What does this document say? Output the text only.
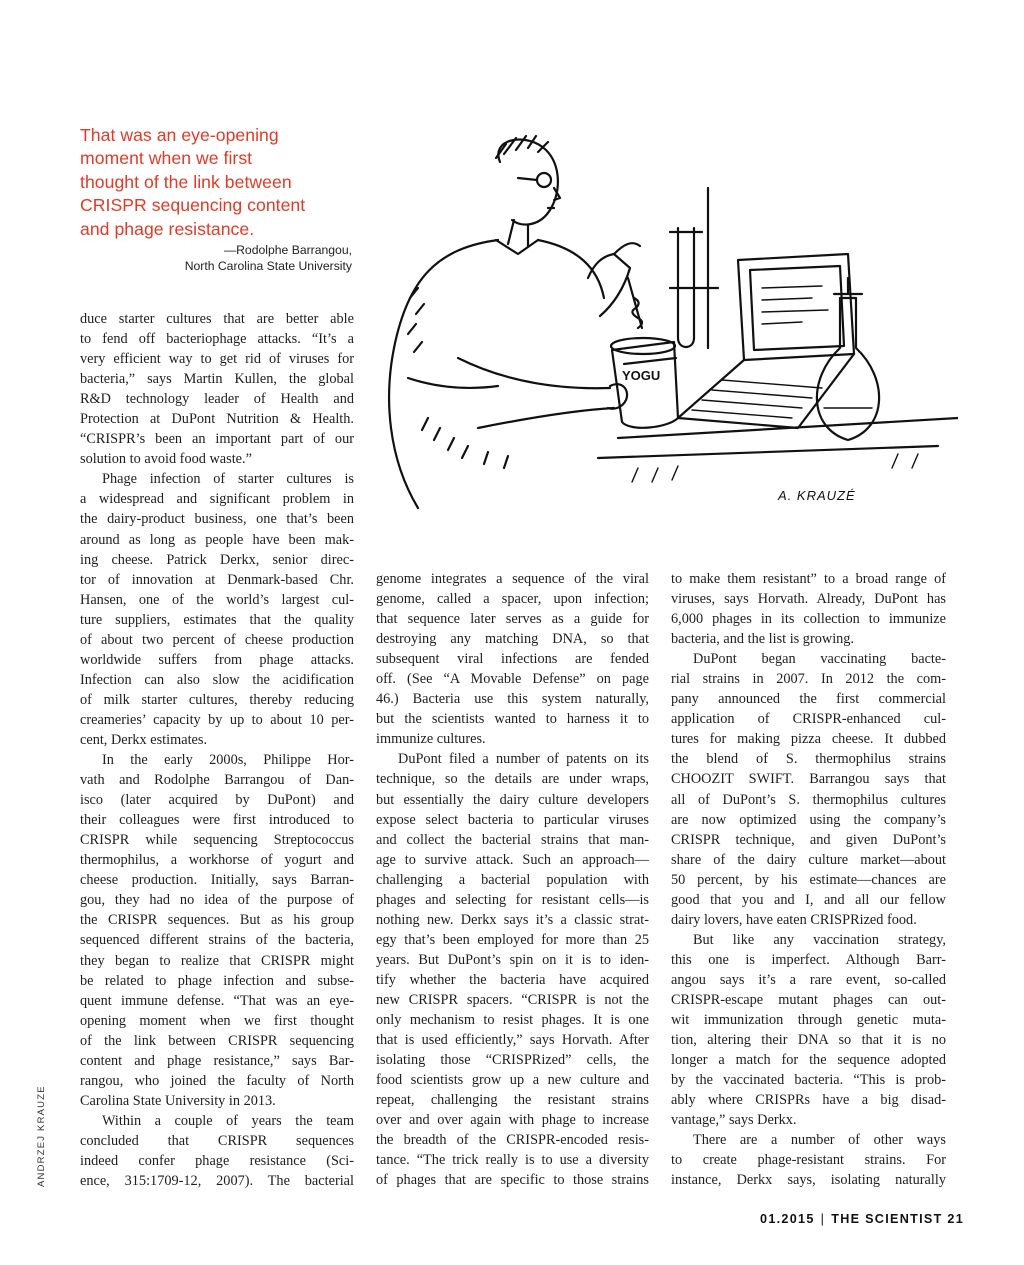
That was an eye-opening
moment when we first
thought of the link between
CRISPR sequencing content
and phage resistance.
—Rodolphe Barrangou,
North Carolina State University
YOGU
A. KRAUZÉ
duce starter cultures that are better able
to fend off bacteriophage attacks. “It’s a
very efficient way to get rid of viruses for
bacteria,” says Martin Kullen, the global
R&D technology leader of Health and
Protection at DuPont Nutrition & Health.
“CRISPR’s been an important part of our
solution to avoid food waste.”
Phage infection of starter cultures is
a widespread and significant problem in
the dairy-product business, one that’s been
around as long as people have been mak-
ing cheese. Patrick Derkx, senior direc-
tor of innovation at Denmark-based Chr.
Hansen, one of the world’s largest cul-
ture suppliers, estimates that the quality
of about two percent of cheese production
worldwide suffers from phage attacks.
Infection can also slow the acidification
of milk starter cultures, thereby reducing
creameries’ capacity by up to about 10 per-
cent, Derkx estimates.
In the early 2000s, Philippe Hor-
vath and Rodolphe Barrangou of Dan-
isco (later acquired by DuPont) and
their colleagues were first introduced to
CRISPR while sequencing Streptococcus
thermophilus, a workhorse of yogurt and
cheese production. Initially, says Barran-
gou, they had no idea of the purpose of
the CRISPR sequences. But as his group
sequenced different strains of the bacteria,
they began to realize that CRISPR might
be related to phage infection and subse-
quent immune defense. “That was an eye-
opening moment when we first thought
of the link between CRISPR sequencing
content and phage resistance,” says Bar-
rangou, who joined the faculty of North
Carolina State University in 2013.
Within a couple of years the team
concluded that CRISPR sequences
indeed confer phage resistance (Sci-
ence, 315:1709-12, 2007). The bacterial
genome integrates a sequence of the viral
genome, called a spacer, upon infection;
that sequence later serves as a guide for
destroying any matching DNA, so that
subsequent viral infections are fended
off. (See “A Movable Defense” on page
46.) Bacteria use this system naturally,
but the scientists wanted to harness it to
immunize cultures.
DuPont filed a number of patents on its
technique, so the details are under wraps,
but essentially the dairy culture developers
expose select bacteria to particular viruses
and collect the bacterial strains that man-
age to survive attack. Such an approach—
challenging a bacterial population with
phages and selecting for resistant cells—is
nothing new. Derkx says it’s a classic strat-
egy that’s been employed for more than 25
years. But DuPont’s spin on it is to iden-
tify whether the bacteria have acquired
new CRISPR spacers. “CRISPR is not the
only mechanism to resist phages. It is one
that is used efficiently,” says Horvath. After
isolating those “CRISPRized” cells, the
food scientists grow up a new culture and
repeat, challenging the resistant strains
over and over again with phage to increase
the breadth of the CRISPR-encoded resis-
tance. “The trick really is to use a diversity
of phages that are specific to those strains
to make them resistant” to a broad range of
viruses, says Horvath. Already, DuPont has
6,000 phages in its collection to immunize
bacteria, and the list is growing.
DuPont began vaccinating bacte-
rial strains in 2007. In 2012 the com-
pany announced the first commercial
application of CRISPR-enhanced cul-
tures for making pizza cheese. It dubbed
the blend of S. thermophilus strains
CHOOZIT SWIFT. Barrangou says that
all of DuPont’s S. thermophilus cultures
are now optimized using the company’s
CRISPR technique, and given DuPont’s
share of the dairy culture market—about
50 percent, by his estimate—chances are
good that you and I, and all our fellow
dairy lovers, have eaten CRISPRized food.
But like any vaccination strategy,
this one is imperfect. Although Barr-
angou says it’s a rare event, so-called
CRISPR-escape mutant phages can out-
wit immunization through genetic muta-
tion, altering their DNA so that it is no
longer a match for the sequence adopted
by the vaccinated bacteria. “This is prob-
ably where CRISPRs have a big disad-
vantage,” says Derkx.
There are a number of other ways
to create phage-resistant strains. For
instance, Derkx says, isolating naturally
ANDRZEJ KRAUZE
01.2015 | THE SCIENTIST 21
